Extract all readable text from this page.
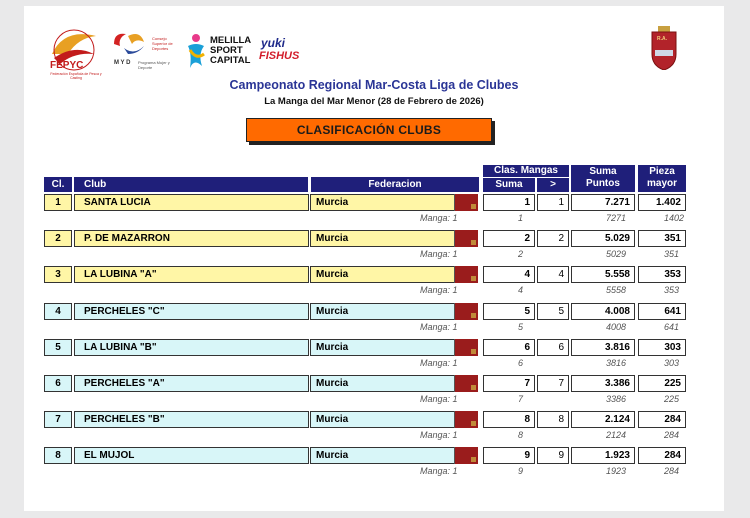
FEPYC
Federación Española de Pesca y Casting
M Y D
Consejo Superior de Deportes
Programa Mujer y Deporte
MELILLA
SPORT
CAPITAL
yuki
FISHUS
R.A.
Campeonato Regional Mar-Costa Liga de Clubes
La Manga del Mar Menor (28 de Febrero de 2026)
CLASIFICACIÓN CLUBS
Cl.	Club	Federacion
Clas. Mangas
Suma	>
Suma
Puntos
Pieza
mayor
1	SANTA LUCIA	Murcia	1	1	7.271	1.402
Manga: 1	1	7271	1402
2	P. DE MAZARRON	Murcia	2	2	5.029	351
Manga: 1	2	5029	351
3	LA LUBINA "A"	Murcia	4	4	5.558	353
Manga: 1	4	5558	353
4	PERCHELES "C"	Murcia	5	5	4.008	641
Manga: 1	5	4008	641
5	LA LUBINA "B"	Murcia	6	6	3.816	303
Manga: 1	6	3816	303
6	PERCHELES "A"	Murcia	7	7	3.386	225
Manga: 1	7	3386	225
7	PERCHELES "B"	Murcia	8	8	2.124	284
Manga: 1	8	2124	284
8	EL MUJOL	Murcia	9	9	1.923	284
Manga: 1	9	1923	284
